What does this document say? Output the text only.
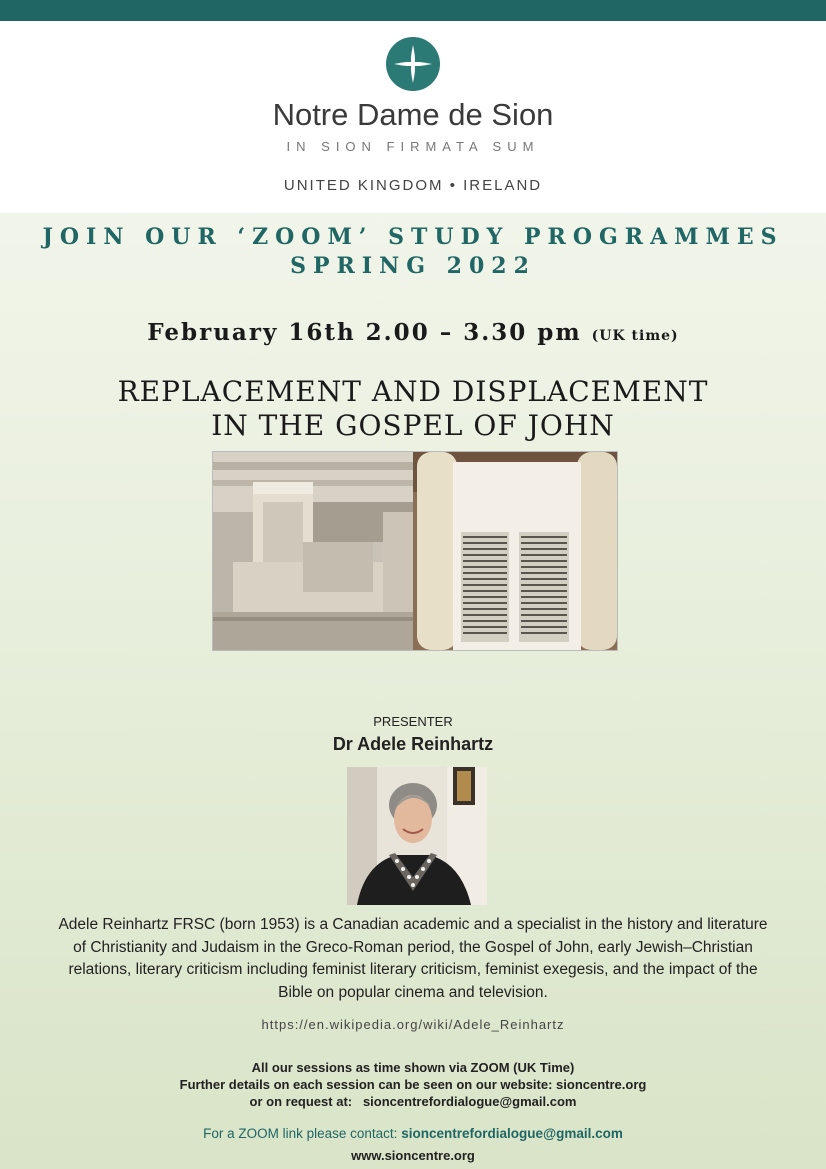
Notre Dame de Sion
IN SION FIRMATA SUM
UNITED KINGDOM • IRELAND
JOIN OUR ‘ZOOM’ STUDY PROGRAMMES
SPRING 2022
February 16th 2.00 – 3.30 pm (UK time)
REPLACEMENT AND DISPLACEMENT
IN THE GOSPEL OF JOHN
PRESENTER
Dr Adele Reinhartz
Adele Reinhartz FRSC (born 1953) is a Canadian academic and a specialist in the history and literature of Christianity and Judaism in the Greco-Roman period, the Gospel of John, early Jewish–Christian relations, literary criticism including feminist literary criticism, feminist exegesis, and the impact of the Bible on popular cinema and television.
https://en.wikipedia.org/wiki/Adele_Reinhartz
All our sessions as time shown via ZOOM (UK Time)
Further details on each session can be seen on our website: sioncentre.org
or on request at: sioncentrefordialogue@gmail.com
For a ZOOM link please contact: sioncentrefordialogue@gmail.com
www.sioncentre.org
